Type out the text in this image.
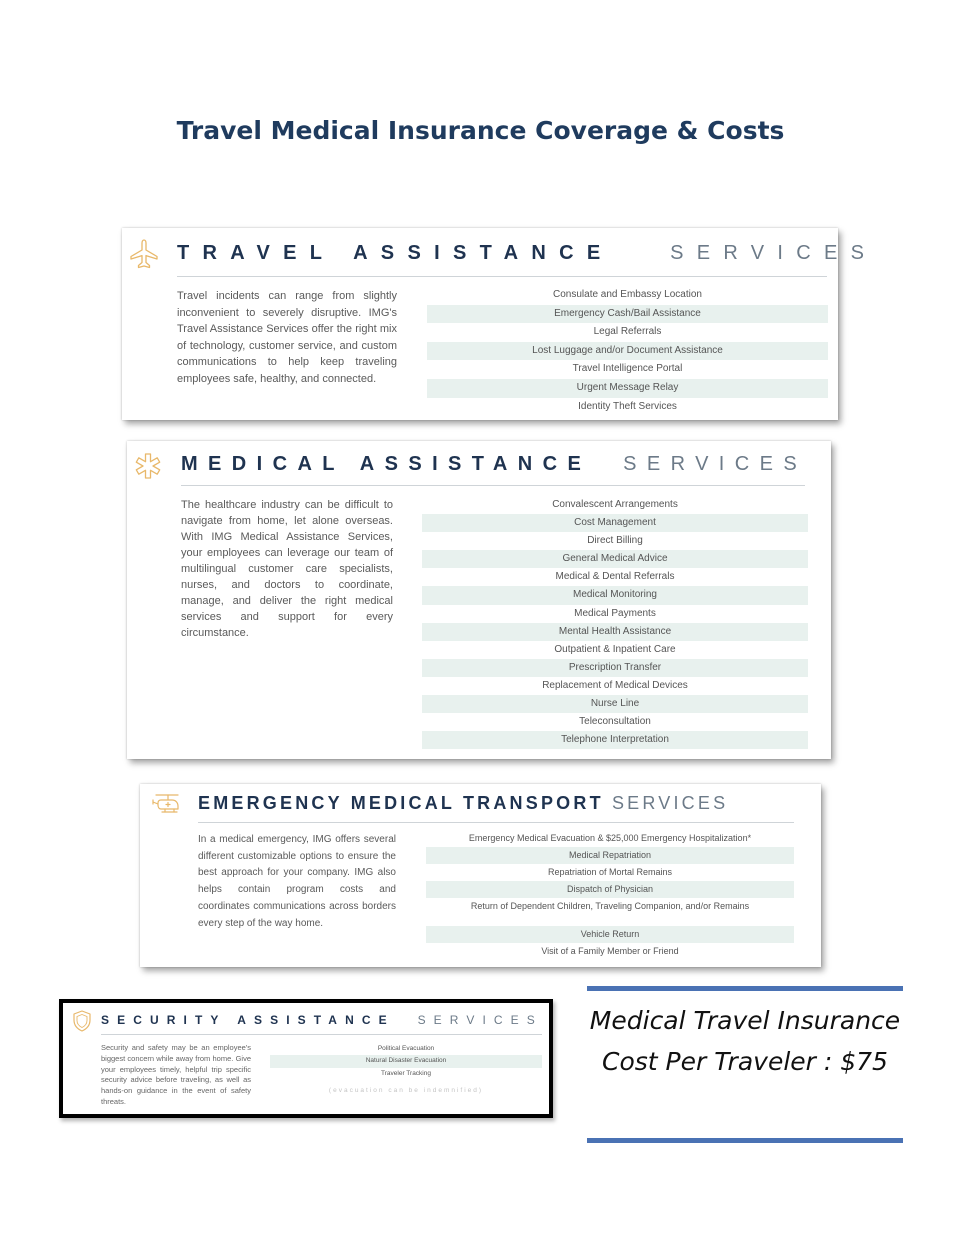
Travel Medical Insurance Coverage & Costs
TRAVEL ASSISTANCE	SERVICES
Travel incidents can range from slightly inconvenient to severely disruptive. IMG's Travel Assistance Services offer the right mix of technology, customer service, and custom communications to help keep traveling employees safe, healthy, and connected.
Consulate and Embassy Location
Emergency Cash/Bail Assistance
Legal Referrals
Lost Luggage and/or Document Assistance
Travel Intelligence Portal
Urgent Message Relay
Identity Theft Services
MEDICAL ASSISTANCE SERVICES
The healthcare industry can be difficult to navigate from home, let alone overseas. With IMG Medical Assistance Services, your employees can leverage our team of multilingual customer care specialists, nurses, and doctors to coordinate, manage, and deliver the right medical services and support for every circumstance.
Convalescent Arrangements
Cost Management
Direct Billing
General Medical Advice
Medical & Dental Referrals
Medical Monitoring
Medical Payments
Mental Health Assistance
Outpatient & Inpatient Care
Prescription Transfer
Replacement of Medical Devices
Nurse Line
Teleconsultation
Telephone Interpretation
EMERGENCY MEDICAL TRANSPORT SERVICES
In a medical emergency, IMG offers several different customizable options to ensure the best approach for your company. IMG also helps contain program costs and coordinates communications across borders every step of the way home.
Emergency Medical Evacuation & $25,000 Emergency Hospitalization*
Medical Repatriation
Repatriation of Mortal Remains
Dispatch of Physician
Return of Dependent Children, Traveling Companion, and/or Remains
Vehicle Return
Visit of a Family Member or Friend
SECURITY ASSISTANCE SERVICES
Security and safety may be an employee's biggest concern while away from home. Give your employees timely, helpful trip specific security advice before traveling, as well as hands-on guidance in the event of safety threats.
Political Evacuation
Natural Disaster Evacuation
Traveler Tracking
(evacuation can be indemnified)
Medical Travel Insurance Cost Per Traveler : $75
